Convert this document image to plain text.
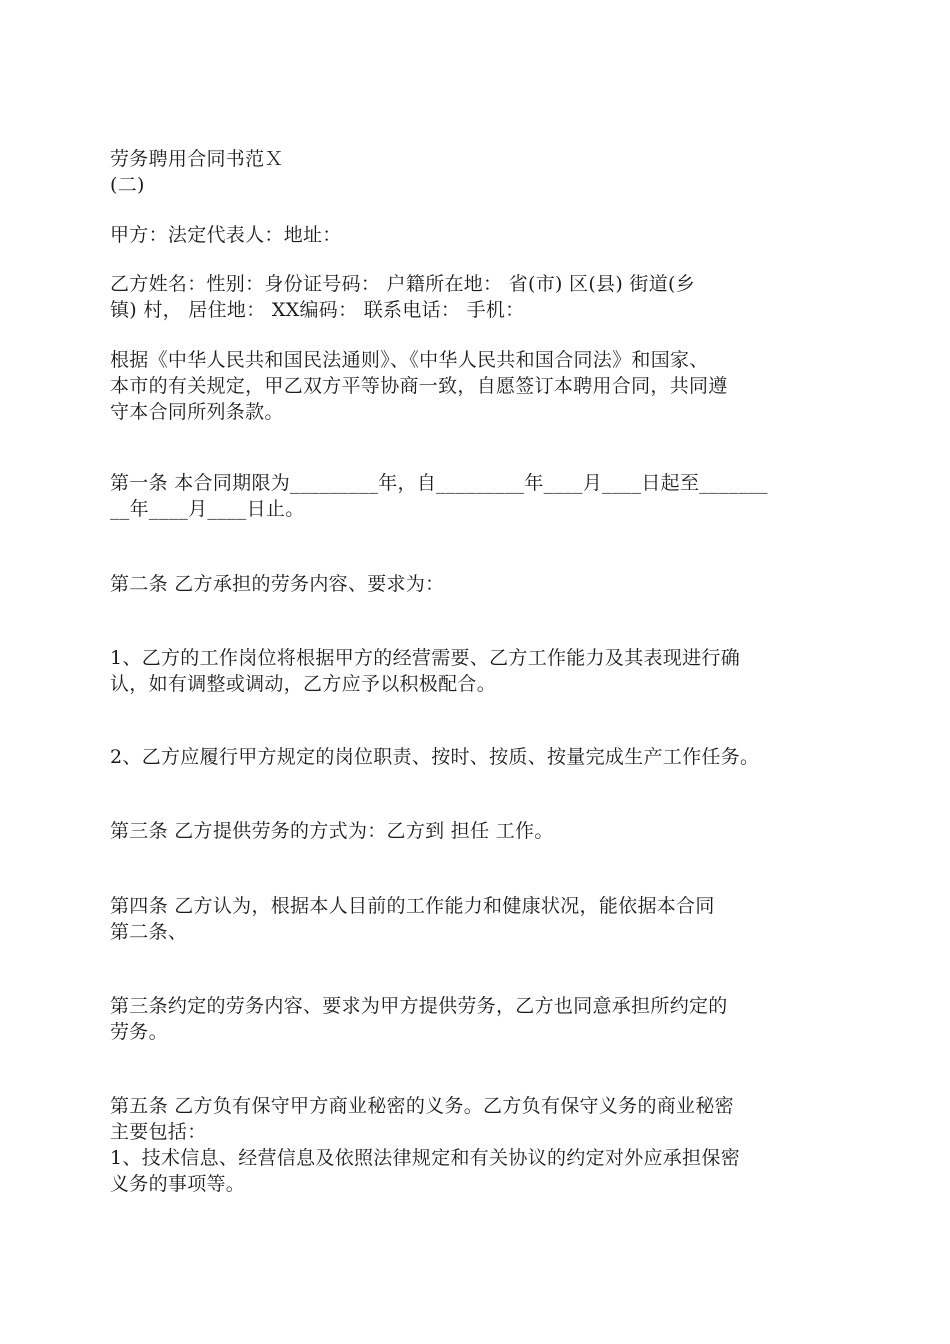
劳务聘用合同书范Ｘ
(二)
甲方：法定代表人：地址：
乙方姓名：性别：身份证号码： 户籍所在地： 省(市) 区(县) 街道(乡
镇) 村， 居住地： XX编码： 联系电话： 手机：
根据《中华人民共和国民法通则》、《中华人民共和国合同法》和国家、
本市的有关规定，甲乙双方平等协商一致，自愿签订本聘用合同，共同遵
守本合同所列条款。
第一条 本合同期限为_________年，自_________年____月____日起至_______
__年____月____日止。
第二条 乙方承担的劳务内容、要求为：
1、乙方的工作岗位将根据甲方的经营需要、乙方工作能力及其表现进行确
认，如有调整或调动，乙方应予以积极配合。
2、乙方应履行甲方规定的岗位职责、按时、按质、按量完成生产工作任务。
第三条 乙方提供劳务的方式为：乙方到 担任 工作。
第四条 乙方认为，根据本人目前的工作能力和健康状况，能依据本合同
第二条、
第三条约定的劳务内容、要求为甲方提供劳务，乙方也同意承担所约定的
劳务。
第五条 乙方负有保守甲方商业秘密的义务。乙方负有保守义务的商业秘密
主要包括：
1、技术信息、经营信息及依照法律规定和有关协议的约定对外应承担保密
义务的事项等。
